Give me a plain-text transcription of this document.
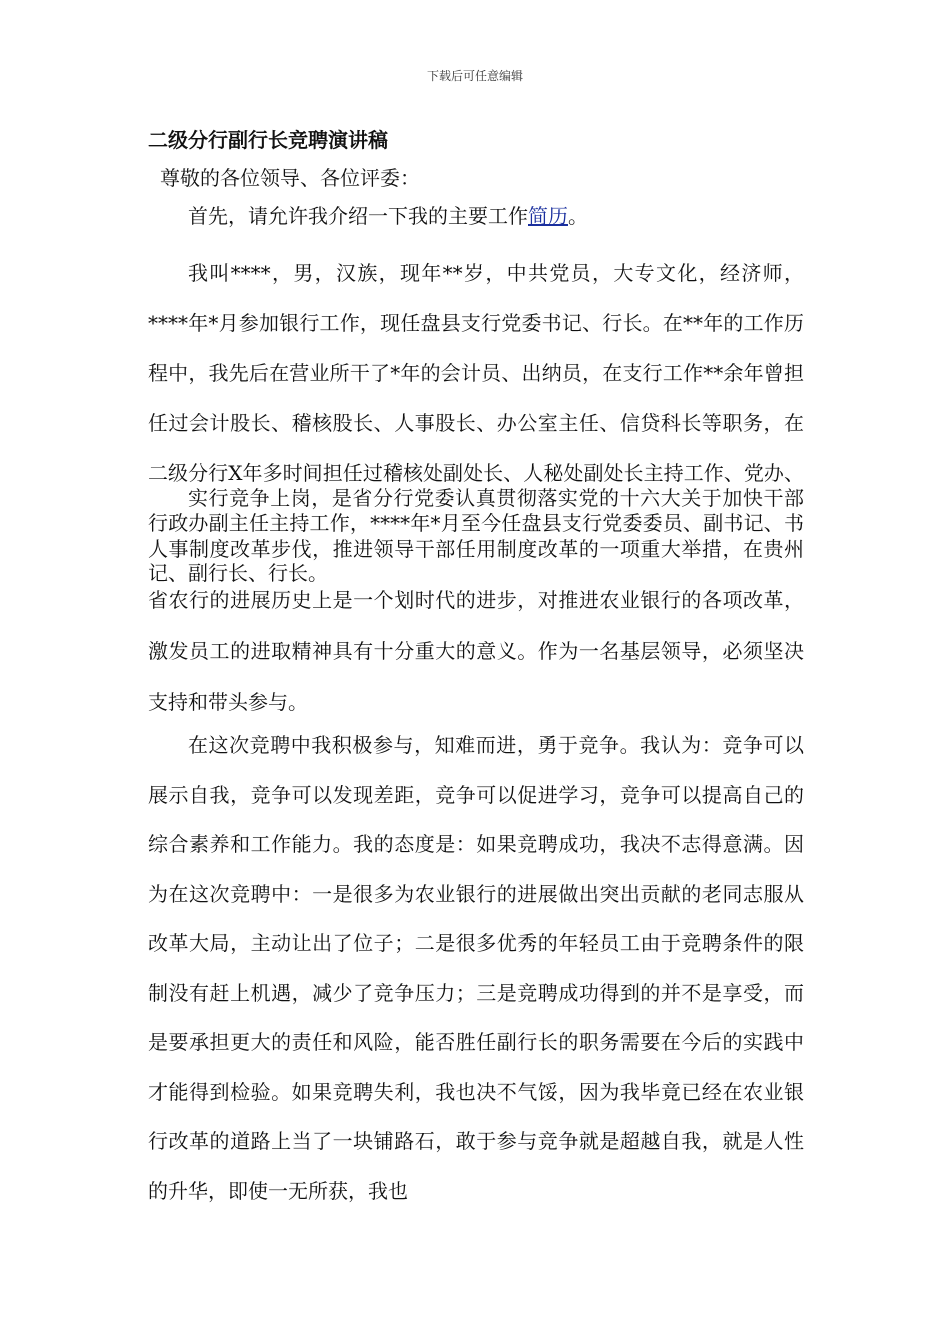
下载后可任意编辑
二级分行副行长竞聘演讲稿

尊敬的各位领导、各位评委：

首先，请允许我介绍一下我的主要工作简历。

我叫****，男，汉族，现年**岁，中共党员，大专文化，经济师，****年*月参加银行工作，现任盘县支行党委书记、行长。在**年的工作历程中，我先后在营业所干了*年的会计员、出纳员，在支行工作**余年曾担任过会计股长、稽核股长、人事股长、办公室主任、信贷科长等职务，在二级分行X年多时间担任过稽核处副处长、人秘处副处长主持工作、党办、行政办副主任主持工作，****年*月至今任盘县支行党委委员、副书记、书记、副行长、行长。

实行竞争上岗，是省分行党委认真贯彻落实党的十六大关于加快干部人事制度改革步伐，推进领导干部任用制度改革的一项重大举措，在贵州省农行的进展历史上是一个划时代的进步，对推进农业银行的各项改革，激发员工的进取精神具有十分重大的意义。作为一名基层领导，必须坚决支持和带头参与。

在这次竞聘中我积极参与，知难而进，勇于竞争。我认为：竞争可以展示自我，竞争可以发现差距，竞争可以促进学习，竞争可以提高自己的综合素养和工作能力。我的态度是：如果竞聘成功，我决不志得意满。因为在这次竞聘中：一是很多为农业银行的进展做出突出贡献的老同志服从改革大局，主动让出了位子；二是很多优秀的年轻员工由于竞聘条件的限制没有赶上机遇，减少了竞争压力；三是竞聘成功得到的并不是享受，而是要承担更大的责任和风险，能否胜任副行长的职务需要在今后的实践中才能得到检验。如果竞聘失利，我也决不气馁，因为我毕竟已经在农业银行改革的道路上当了一块铺路石，敢于参与竞争就是超越自我，就是人性的升华，即使一无所获，我也
